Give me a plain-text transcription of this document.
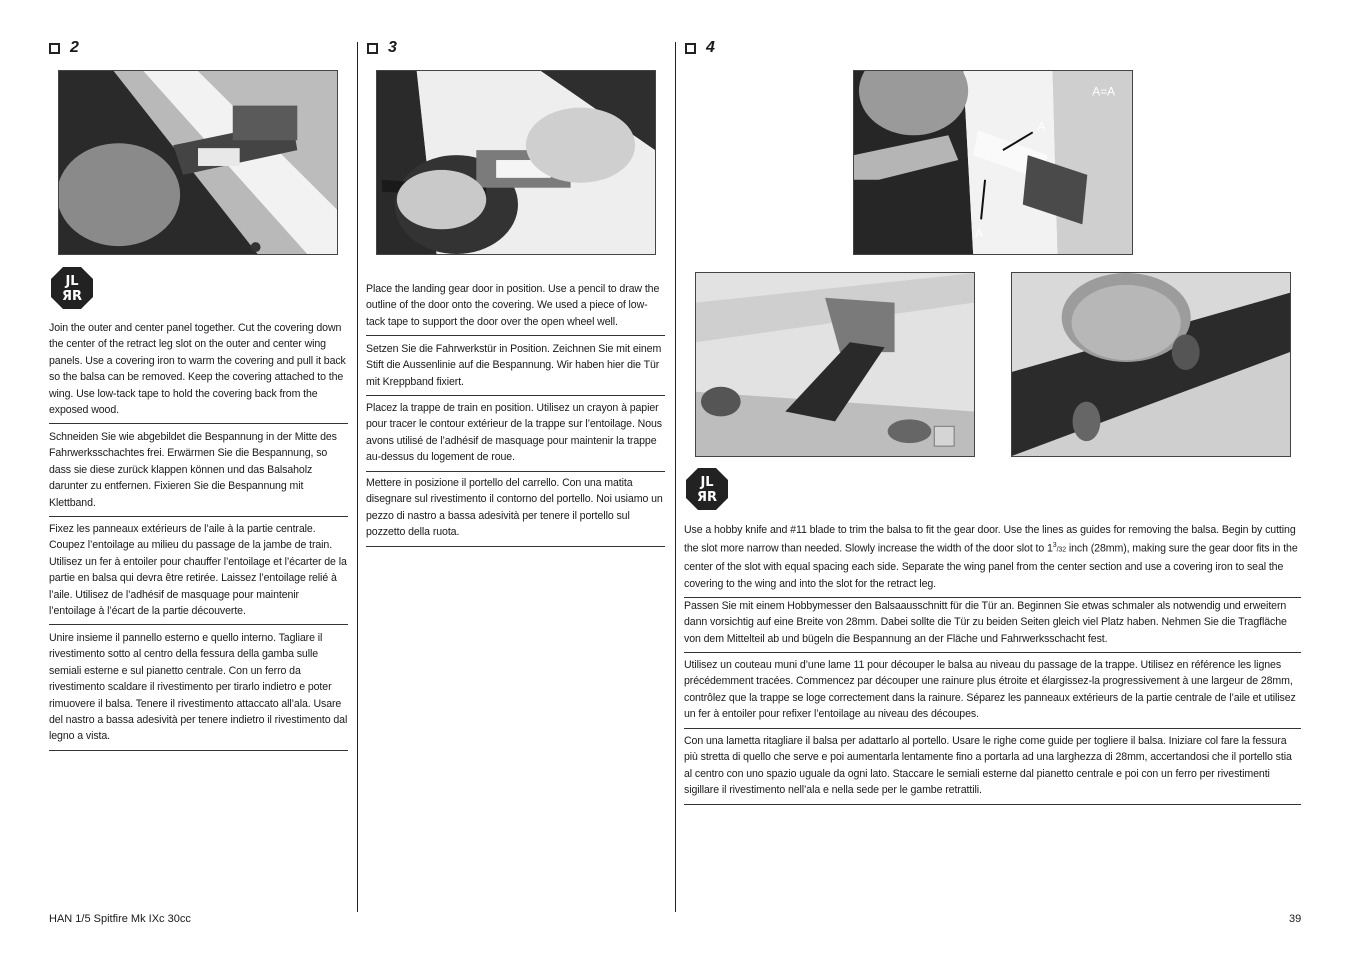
2
JL
ЯR
Join the outer and center panel together. Cut the covering down the center of the retract leg slot on the outer and center wing panels. Use a covering iron to warm the covering and pull it back so the balsa can be removed. Keep the covering attached to the wing. Use low-tack tape to hold the covering back from the exposed wood.
Schneiden Sie wie abgebildet die Bespannung in der Mitte des Fahrwerksschachtes frei. Erwärmen Sie die Bespannung, so dass sie diese zurück klappen können und das Balsaholz darunter zu entfernen. Fixieren Sie die Bespannung mit Klettband.
Fixez les panneaux extérieurs de l’aile à la partie centrale. Coupez l’entoilage au milieu du passage de la jambe de train. Utilisez un fer à entoiler pour chauffer l’entoilage et l’écarter de la partie en balsa qui devra être retirée. Laissez l’entoilage relié à l’aile. Utilisez de l’adhésif de masquage pour maintenir l’entoilage à l’écart de la partie découverte.
Unire insieme il pannello esterno e quello interno. Tagliare il rivestimento sotto al centro della fessura della gamba sulle semiali esterne e sul pianetto centrale. Con un ferro da rivestimento scaldare il rivestimento per tirarlo indietro e poter rimuovere il balsa. Tenere il rivestimento attaccato all’ala. Usare del nastro a bassa adesività per tenere indietro il rivestimento dal legno a vista.
3
Place the landing gear door in position. Use a pencil to draw the outline of the door onto the covering. We used a piece of low-tack tape to support the door over the open wheel well.
Setzen Sie die Fahrwerkstür in Position. Zeichnen Sie mit einem Stift die Aussenlinie auf die Bespannung. Wir haben hier die Tür mit Kreppband fixiert.
Placez la trappe de train en position. Utilisez un crayon à papier pour tracer le contour extérieur de la trappe sur l’entoilage. Nous avons utilisé de l’adhésif de masquage pour maintenir la trappe au-dessus du logement de roue.
Mettere in posizione il portello del carrello. Con una matita disegnare sul rivestimento il contorno del portello. Noi usiamo un pezzo di nastro a bassa adesività per tenere il portello sul pozzetto della ruota.
4
A=A
A
A
JL
ЯR
Use a hobby knife and #11 blade to trim the balsa to fit the gear door. Use the lines as guides for removing the balsa. Begin by cutting the slot more narrow than needed. Slowly increase the width of the door slot to $1^3/32$ inch (28mm), making sure the gear door fits in the center of the slot with equal spacing each side. Separate the wing panel from the center section and use a covering iron to seal the covering to the wing and into the slot for the retract leg.
Passen Sie mit einem Hobbymesser den Balsaausschnitt für die Tür an. Beginnen Sie etwas schmaler als notwendig und erweitern dann vorsichtig auf eine Breite von 28mm. Dabei sollte die Tür zu beiden Seiten gleich viel Platz haben. Nehmen Sie die Tragfläche von dem Mittelteil ab und bügeln die Bespannung an der Fläche und Fahrwerksschacht fest.
Utilisez un couteau muni d’une lame 11 pour découper le balsa au niveau du passage de la trappe. Utilisez en référence les lignes précédemment tracées. Commencez par découper une rainure plus étroite et élargissez-la progressivement à une largeur de 28mm, contrôlez que la trappe se loge correctement dans la rainure. Séparez les panneaux extérieurs de la partie centrale de l’aile et utilisez un fer à entoiler pour refixer l’entoilage au niveau des découpes.
Con una lametta ritagliare il balsa per adattarlo al portello. Usare le righe come guide per togliere il balsa. Iniziare col fare la fessura più stretta di quello che serve e poi aumentarla lentamente fino a portarla ad una larghezza di 28mm, accertandosi che il portello stia al centro con uno spazio uguale da ogni lato. Staccare le semiali esterne dal pianetto centrale e poi con un ferro per rivestimenti sigillare il rivestimento nell’ala e nella sede per le gambe retrattili.
HAN 1/5 Spitfire Mk IXc 30cc	39
